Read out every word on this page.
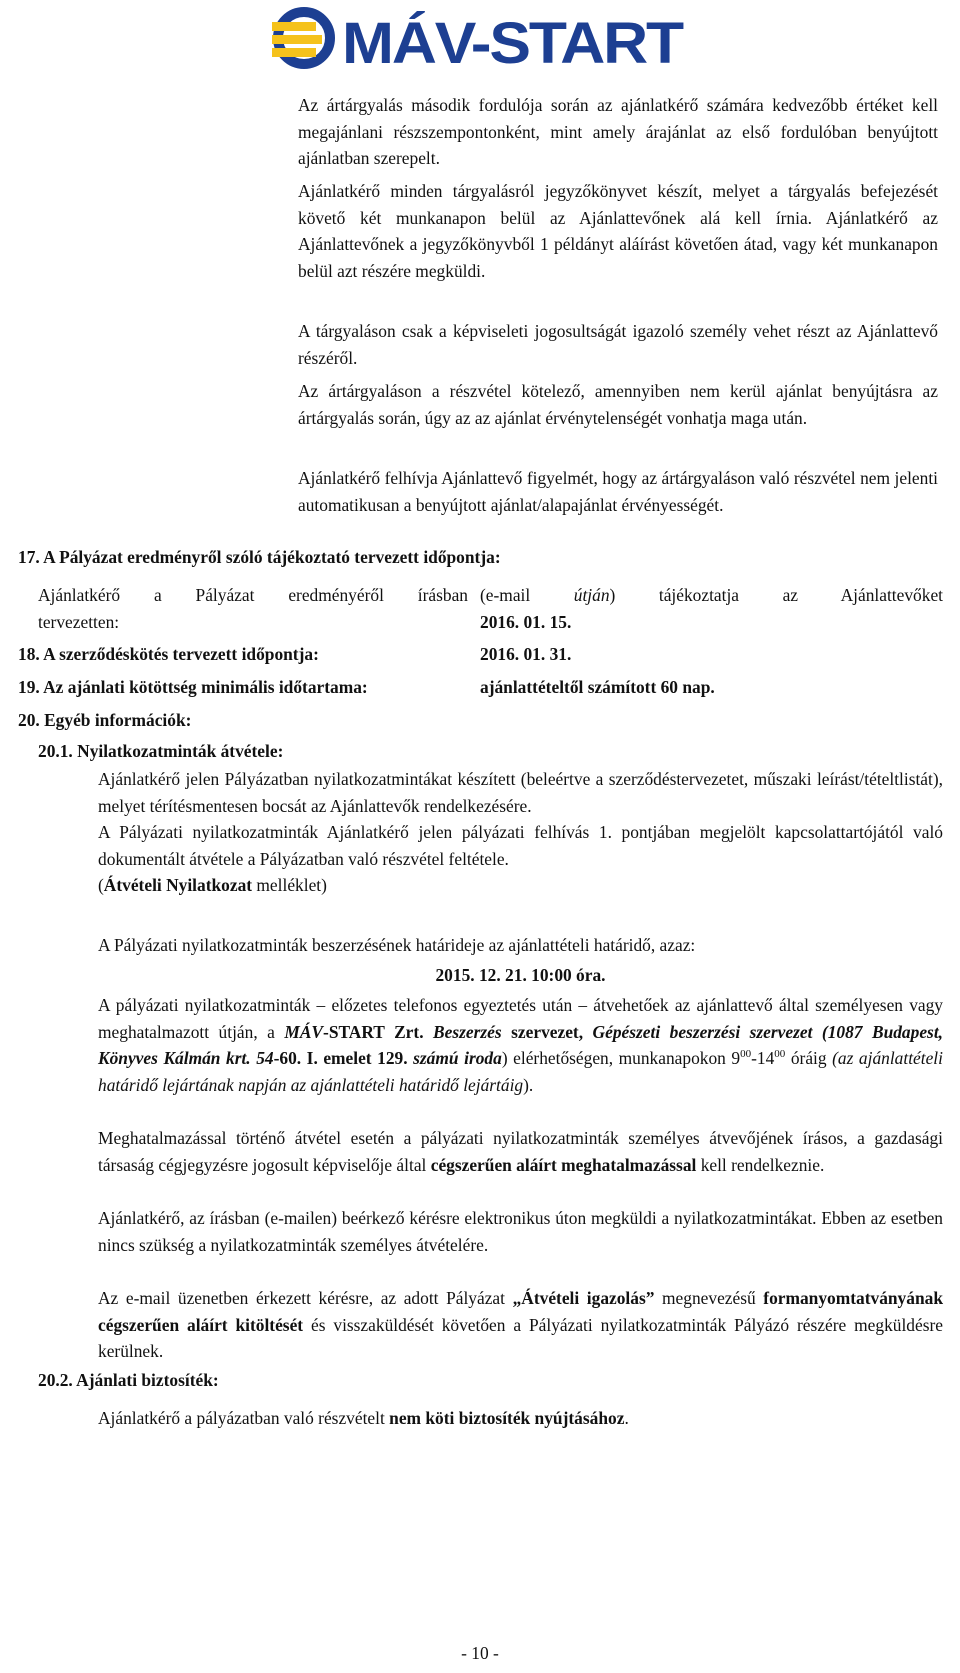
MÁV-START

Az ártárgyalás második fordulója során az ajánlatkérő számára kedvezőbb értéket kell megajánlani részszempontonként, mint amely árajánlat az első fordulóban benyújtott ajánlatban szerepelt.

Ajánlatkérő minden tárgyalásról jegyzőkönyvet készít, melyet a tárgyalás befejezését követő két munkanapon belül az Ajánlattevőnek alá kell írnia. Ajánlatkérő az Ajánlattevőnek a jegyzőkönyvből 1 példányt aláírást követően átad, vagy két munkanapon belül azt részére megküldi.

A tárgyaláson csak a képviseleti jogosultságát igazoló személy vehet részt az Ajánlattevő részéről.

Az ártárgyaláson a részvétel kötelező, amennyiben nem kerül ajánlat benyújtásra az ártárgyalás során, úgy az az ajánlat érvénytelenségét vonhatja maga után.

Ajánlatkérő felhívja Ajánlattevő figyelmét, hogy az ártárgyaláson való részvétel nem jelenti automatikusan a benyújtott ajánlat/alapajánlat érvényességét.

17. A Pályázat eredményről szóló tájékoztató tervezett időpontja:

Ajánlatkérő a Pályázat eredményéről írásban

tervezetten:

(e-mail útján) tájékoztatja az Ajánlattevőket

2016. 01. 15.

18. A szerződéskötés tervezett időpontja:	2016. 01. 31.
19. Az ajánlati kötöttség minimális időtartama:	ajánlattételtől számított 60 nap.
20. Egyéb információk:
20.1. Nyilatkozatminták átvétele:

Ajánlatkérő jelen Pályázatban nyilatkozatmintákat készített (beleértve a szerződéstervezetet, műszaki leírást/tételtlistát), melyet térítésmentesen bocsát az Ajánlattevők rendelkezésére.

A Pályázati nyilatkozatminták Ajánlatkérő jelen pályázati felhívás 1. pontjában megjelölt kapcsolattartójától való dokumentált átvétele a Pályázatban való részvétel feltétele.

(Átvételi Nyilatkozat melléklet)

A Pályázati nyilatkozatminták beszerzésének határideje az ajánlattételi határidő, azaz:

2015. 12. 21. 10:00 óra.

A pályázati nyilatkozatminták – előzetes telefonos egyeztetés után – átvehetőek az ajánlattevő által személyesen vagy meghatalmazott útján, a MÁV-START Zrt. Beszerzés szervezet, Gépészeti beszerzési szervezet (1087 Budapest, Könyves Kálmán krt. 54-60. I. emelet 129. számú iroda) elérhetőségen, munkanapokon $9^{00}-14^{00}$ óráig (az ajánlattételi határidő lejártának napján az ajánlattételi határidő lejártáig).

Meghatalmazással történő átvétel esetén a pályázati nyilatkozatminták személyes átvevőjének írásos, a gazdasági társaság cégjegyzésre jogosult képviselője által cégszerűen aláírt meghatalmazással kell rendelkeznie.

Ajánlatkérő, az írásban (e-mailen) beérkező kérésre elektronikus úton megküldi a nyilatkozatmintákat. Ebben az esetben nincs szükség a nyilatkozatminták személyes átvételére.

Az e-mail üzenetben érkezett kérésre, az adott Pályázat „Átvételi igazolás” megnevezésű formanyomtatványának cégszerűen aláírt kitöltését és visszaküldését követően a Pályázati nyilatkozatminták Pályázó részére megküldésre kerülnek.

20.2. Ajánlati biztosíték:

Ajánlatkérő a pályázatban való részvételt nem köti biztosíték nyújtásához.

- 10 -
